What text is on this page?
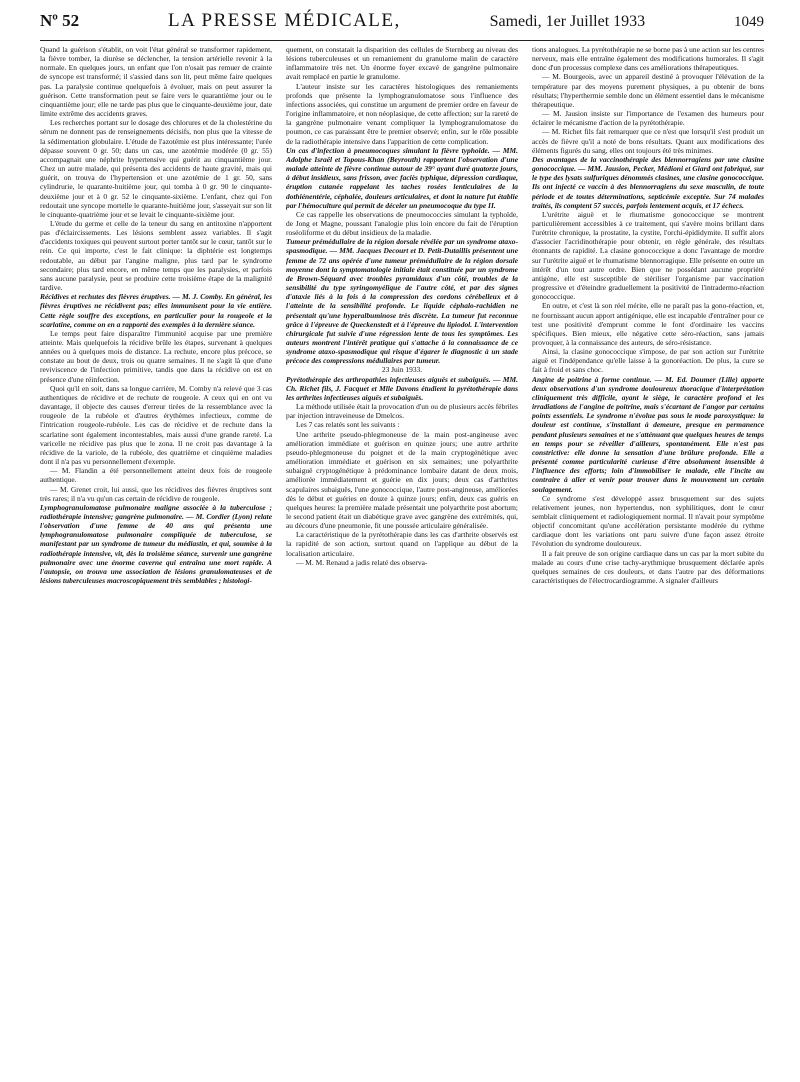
Nº 52	LA PRESSE MÉDICALE,	Samedi, 1er Juillet 1933	1049

Quand la guérison s'établit, on voit l'état général se transformer rapidement, la fièvre tomber, la diurèse se déclencher, la tension artérielle revenir à la normale. En quelques jours, un enfant que l'on n'osait pas remuer de crainte de syncope est transformé; il s'assied dans son lit, peut même faire quelques pas. La paralysie continue quelquefois à évoluer, mais on peut assurer la guérison. Cette transformation peut se faire vers le quarantième jour ou le cinquantième jour; elle ne tarde pas plus que le cinquante-deuxième jour, date limite extrême des accidents graves.

Les recherches portant sur le dosage des chlorures et de la cholestérine du sérum ne donnent pas de renseignements décisifs, non plus que la vitesse de la sédimentation globulaire. L'étude de l'azotémie est plus intéressante; l'urée dépasse souvent 0 gr. 50; dans un cas, une azotémie modérée (0 gr. 55) accompagnait une néphrite hypertensive qui guérit au cinquantième jour. Chez un autre malade, qui présenta des accidents de haute gravité, mais qui guérit, on trouva de l'hypertension et une azotémie de 1 gr. 50, sans cylindrurie, le quarante-huitième jour, qui tomba à 0 gr. 90 le cinquante-deuxième jour et à 0 gr. 52 le cinquante-sixième. L'enfant, chez qui l'on redoutait une syncope mortelle le quarante-huitième jour, s'asseyait sur son lit le cinquante-quatrième jour et se levait le cinquante-sixième jour.

L'étude du germe et celle de la teneur du sang en antitoxine n'apportent pas d'éclaircissements. Les lésions semblent assez variables. Il s'agit d'accidents toxiques qui peuvent surtout porter tantôt sur le cœur, tantôt sur le rein. Ce qui importe, c'est le fait clinique: la diphtérie est longtemps redoutable, au début par l'angine maligne, plus tard par le syndrome secondaire; plus tard encore, en même temps que les paralysies, et parfois sans aucune paralysie, peut se produire cette troisième étape de la malignité tardive.

Récidives et rechutes des fièvres éruptives. — M. J. Comby. En général, les fièvres éruptives ne récidivent pas; elles immunisent pour la vie entière. Cette règle souffre des exceptions, en particulier pour la rougeole et la scarlatine, comme on en a rapporté des exemples à la dernière séance.

Le temps peut faire disparaître l'immunité acquise par une première atteinte. Mais quelquefois la récidive brûle les étapes, survenant à quelques années ou à quelques mois de distance. La rechute, encore plus précoce, se constate au bout de deux, trois ou quatre semaines. Il ne s'agit là que d'une reviviscence de l'infection primitive, tandis que dans la récidive on est en présence d'une réinfection.

Quoi qu'il en soit, dans sa longue carrière, M. Comby n'a relevé que 3 cas authentiques de récidive et de rechute de rougeole. A ceux qui en ont vu davantage, il objecte des causes d'erreur tirées de la ressemblance avec la rougeole de la rubéole et d'autres érythèmes infectieux, comme de l'intrication rougeole-rubéole. Les cas de récidive et de rechute dans la scarlatine sont également incontestables, mais aussi d'une grande rareté. La varicelle ne récidive pas plus que le zona. Il ne croit pas davantage à la récidive de la variole, de la rubéole, des quatrième et cinquième maladies dont il n'a pas vu personnellement d'exemple.

— M. Flandin a été personnellement atteint deux fois de rougeole authentique.

— M. Grenet croit, lui aussi, que les récidives des fièvres éruptives sont très rares; il n'a vu qu'un cas certain de récidive de rougeole.

Lymphogranulomatose pulmonaire maligne associée à la tuberculose ; radiothérapie intensive; gangrène pulmonaire. — M. Cordier (Lyon) relate l'observation d'une femme de 40 ans qui présenta une lymphogranulomatose pulmonaire compliquée de tuberculose, se manifestant par un syndrome de tumeur du médiastin, et qui, soumise à la radiothérapie intensive, vit, dès la troisième séance, survenir une gangrène pulmonaire avec une énorme caverne qui entraîna une mort rapide. A l'autopsie, on trouva une association de lésions granulomateuses et de lésions tuberculeuses macroscopiquement très semblables ; histologi-

quement, on constatait la disparition des cellules de Sternberg au niveau des lésions tuberculeuses et un remaniement du granulome malin de caractère inflammatoire très net. Un énorme foyer excavé de gangrène pulmonaire avait remplacé en partie le granulome.

L'auteur insiste sur les caractères histologiques des remaniements profonds que présente la lymphogranulomatose sous l'influence des infections associées, qui constitue un argument de premier ordre en faveur de l'origine inflammatoire, et non néoplasique, de cette affection; sur la rareté de la gangrène pulmonaire venant compliquer la lymphogranulomatose du poumon, ce cas paraissant être le premier observé; enfin, sur le rôle possible de la radiothérapie intensive dans l'apparition de cette complication.

Un cas d'infection à pneumocoques simulant la fièvre typhoïde. — MM. Adolphe Israël et Topous-Khan (Beyrouth) rapportent l'observation d'une malade atteinte de fièvre continue autour de 39° ayant duré quatorze jours, à début insidieux, sans frisson, avec faciès typhique, dépression cardiaque, éruption cutanée rappelant les taches rosées lenticulaires de la dothiénentérie, céphalée, douleurs articulaires, et dont la nature fut établie par l'hémoculture qui permit de déceler un pneumocoque du type II.

Ce cas rappelle les observations de pneumococcies simulant la typhoïde, de Jong et Magne, poussant l'analogie plus loin encore du fait de l'éruption roséoliforme et du début insidieux de la maladie.

Tumeur prémédullaire de la région dorsale révélée par un syndrome ataxo-spasmodique. — MM. Jacques Decourt et D. Petit-Dutaillis présentent une femme de 72 ans opérée d'une tumeur prémédullaire de la région dorsale moyenne dont la symptomatologie initiale était constituée par un syndrome de Brown-Séquard avec troubles pyramidaux d'un côté, troubles de la sensibilité du type syringomyélique de l'autre côté, et par des signes d'ataxie liés à la fois à la compression des cordons cérébelleux et à l'atteinte de la sensibilité profonde. Le liquide céphalo-rachidien ne présentait qu'une hyperalbuminose très discrète. La tumeur fut reconnue grâce à l'épreuve de Queckenstedt et à l'épreuve du lipiodol. L'intervention chirurgicale fut suivie d'une régression lente de tous les symptômes. Les auteurs montrent l'intérêt pratique qui s'attache à la connaissance de ce syndrome ataxo-spasmodique qui risque d'égarer le diagnostic à un stade précoce des compressions médullaires par tumeur.

23 Juin 1933.

Pyrétothérapie des arthropathies infectieuses aiguës et subaiguës. — MM. Ch. Richet fils, J. Facquet et Mlle Davons étudient la pyrétothérapie dans les arthrites infectieuses aiguës et subaiguës.

La méthode utilisée était la provocation d'un ou de plusieurs accès fébriles par injection intraveineuse de Dmelcos.

Les 7 cas relatés sont les suivants :

Une arthrite pseudo-phlegmoneuse de la main post-angineuse avec amélioration immédiate et guérison en quinze jours; une autre arthrite pseudo-phlegmoneuse du poignet et de la main cryptogénétique avec amélioration immédiate et guérison en six semaines; une polyarthrite subaiguë cryptogénétique à prédominance lombaire datant de deux mois, améliorée immédiatement et guérie en dix jours; deux cas d'arthrites scapulaires subaiguës, l'une gonococcique, l'autre post-angineuse, améliorées dès le début et guéries en douze à quinze jours; enfin, deux cas guéris en quelques heures: la première malade présentait une polyarthrite post abortum; le second patient était un diabétique grave avec gangrène des extrémités, qui, au décours d'une pneumonie, fit une poussée articulaire généralisée.

La caractéristique de la pyrétothérapie dans les cas d'arthrite observés est la rapidité de son action, surtout quand on l'applique au début de la localisation articulaire.

— M. M. Renaud a jadis relaté des observa-

tions analogues. La pyrétothérapie ne se borne pas à une action sur les centres nerveux, mais elle entraîne également des modifications humorales. Il s'agit donc d'un processus complexe dans ces améliorations thérapeutiques.

— M. Bourgeois, avec un appareil destiné à provoquer l'élévation de la température par des moyens purement physiques, a pu obtenir de bons résultats; l'hyperthermie semble donc un élément essentiel dans le mécanisme thérapeutique.

— M. Jausion insiste sur l'importance de l'examen des humeurs pour éclairer le mécanisme d'action de la pyrétothérapie.

— M. Richet fils fait remarquer que ce n'est que lorsqu'il s'est produit un accès de fièvre qu'il a noté de bons résultats. Quant aux modifications des éléments figurés du sang, elles ont toujours été très minimes.

Des avantages de la vaccinothérapie des blennorragiens par une clasine gonococcique. — MM. Jausion, Pecker, Médioni et Giard ont fabriqué, sur le type des lysats sulfuriques dénommés clasines, une clasine gonococcique. Ils ont injecté ce vaccin à des blennorragiens du sexe masculin, de toute période et de toutes déterminations, septicémie exceptée. Sur 74 malades traités, ils comptent 57 succès, parfois lentement acquis, et 17 échecs.

L'urétrite aiguë et le rhumatisme gonococcique se montrent particulièrement accessibles à ce traitement, qui s'avère moins brillant dans l'urétrite chronique, la prostatite, la cystite, l'orchi-épididymite. Il suffit alors d'associer l'acridinothérapie pour obtenir, en règle générale, des résultats étonnants de rapidité. La clasine gonococcique a donc l'avantage de mordre sur l'urétrite aiguë et le rhumatisme blennorragique. Elle présente en outre un intérêt d'un tout autre ordre. Bien que ne possédant aucune propriété antigène, elle est susceptible de stériliser l'organisme par vaccination progressive et d'éteindre graduellement la positivité de l'intradermo-réaction gonococcique.

En outre, et c'est là son réel mérite, elle ne paraît pas la gono-réaction, et, ne fournissant aucun apport antigénique, elle est incapable d'entraîner pour ce test une positivité d'emprunt comme le font d'ordinaire les vaccins spécifiques. Bien mieux, elle négative cette séro-réaction, sans jamais provoquer, à la connaissance des auteurs, de séro-résistance.

Ainsi, la clasine gonococcique s'impose, de par son action sur l'urétrite aiguë et l'indépendance qu'elle laisse à la gonoréaction. De plus, la cure se fait à froid et sans choc.

Angine de poitrine à forme continue. — M. Ed. Doumer (Lille) apporte deux observations d'un syndrome douloureux thoracique d'interprétation cliniquement très difficile, ayant le siège, le caractère profond et les irradiations de l'angine de poitrine, mais s'écartant de l'angor par certains points essentiels. Le syndrome n'évolue pas sous le mode paroxystique: la douleur est continue, s'installant à demeure, presque en permanence pendant plusieurs semaines et ne s'atténuant que quelques heures de temps en temps pour se réveiller d'ailleurs, spontanément. Elle n'est pas constrictive: elle donne la sensation d'une brûlure profonde. Elle a présenté comme particularité curieuse d'être absolument insensible à l'influence des efforts; loin d'immobiliser le malade, elle l'incite au contraire à aller et venir pour trouver dans le mouvement un certain soulagement.

Ce syndrome s'est développé assez brusquement sur des sujets relativement jeunes, non hypertendus, non syphilitiques, dont le cœur semblait cliniquement et radiologiquement normal. Il n'avait pour symptôme objectif concomitant qu'une accélération persistante modérée du rythme cardiaque dont les variations ont paru suivre d'une façon assez étroite l'évolution du syndrome douloureux.

Il a fait preuve de son origine cardiaque dans un cas par la mort subite du malade au cours d'une crise tachy-arythmique brusquement déclarée après quelques semaines de ces douleurs, et dans l'autre par des déformations caractéristiques de l'électrocardiogramme. A signaler d'ailleurs
